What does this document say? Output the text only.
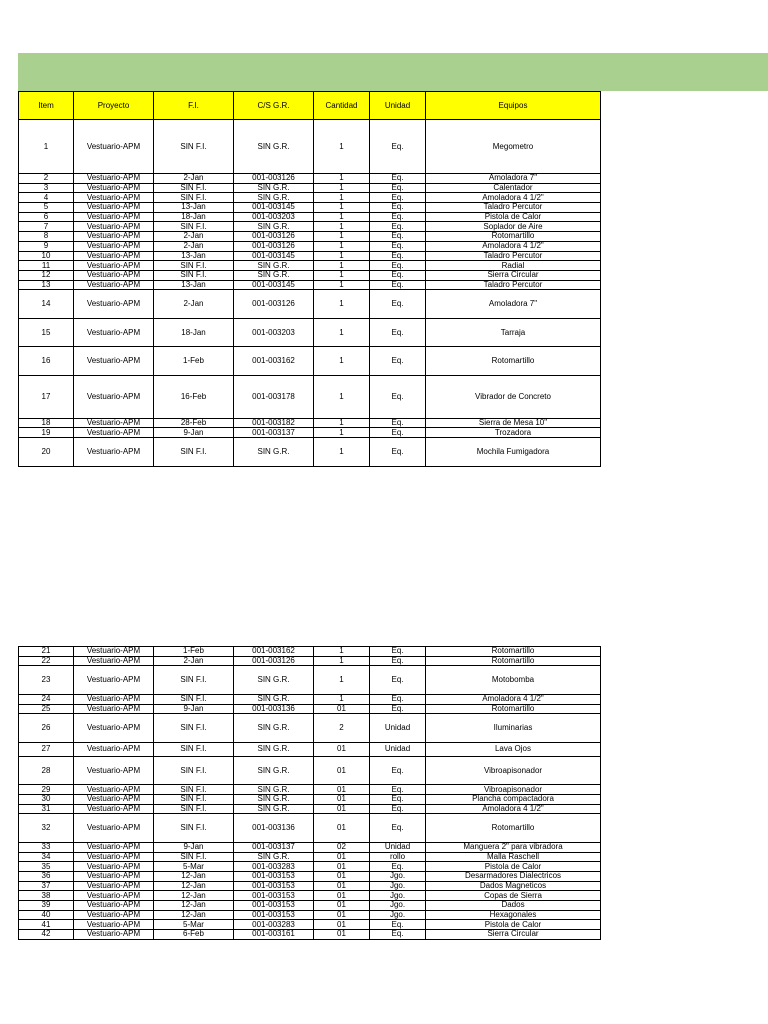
Item	Proyecto	F.I.	C/S G.R.	Cantidad	Unidad	Equipos
1	Vestuario-APM	SIN F.I.	SIN G.R.	1	Eq.	Megometro
2	Vestuario-APM	2-Jan	001-003126	1	Eq.	Amoladora 7"
3	Vestuario-APM	SIN F.I.	SIN G.R.	1	Eq.	Calentador
4	Vestuario-APM	SIN F.I.	SIN G.R.	1	Eq.	Amoladora 4 1/2"
5	Vestuario-APM	13-Jan	001-003145	1	Eq.	Taladro Percutor
6	Vestuario-APM	18-Jan	001-003203	1	Eq.	Pistola de Calor
7	Vestuario-APM	SIN F.I.	SIN G.R.	1	Eq.	Soplador de Aire
8	Vestuario-APM	2-Jan	001-003126	1	Eq.	Rotomartillo
9	Vestuario-APM	2-Jan	001-003126	1	Eq.	Amoladora 4 1/2"
10	Vestuario-APM	13-Jan	001-003145	1	Eq.	Taladro Percutor
11	Vestuario-APM	SIN F.I.	SIN G.R.	1	Eq.	Radial
12	Vestuario-APM	SIN F.I.	SIN G.R.	1	Eq.	Sierra Circular
13	Vestuario-APM	13-Jan	001-003145	1	Eq.	Taladro Percutor
14	Vestuario-APM	2-Jan	001-003126	1	Eq.	Amoladora 7"
15	Vestuario-APM	18-Jan	001-003203	1	Eq.	Tarraja
16	Vestuario-APM	1-Feb	001-003162	1	Eq.	Rotomartillo
17	Vestuario-APM	16-Feb	001-003178	1	Eq.	Vibrador de Concreto
18	Vestuario-APM	28-Feb	001-003182	1	Eq.	Sierra de Mesa 10"
19	Vestuario-APM	9-Jan	001-003137	1	Eq.	Trozadora
20	Vestuario-APM	SIN F.I.	SIN G.R.	1	Eq.	Mochila Fumigadora
21	Vestuario-APM	1-Feb	001-003162	1	Eq.	Rotomartillo
22	Vestuario-APM	2-Jan	001-003126	1	Eq.	Rotomartillo
23	Vestuario-APM	SIN F.I.	SIN G.R.	1	Eq.	Motobomba
24	Vestuario-APM	SIN F.I.	SIN G.R.	1	Eq.	Amoladora 4 1/2"
25	Vestuario-APM	9-Jan	001-003136	01	Eq.	Rotomartillo
26	Vestuario-APM	SIN F.I.	SIN G.R.	2	Unidad	Iluminarias
27	Vestuario-APM	SIN F.I.	SIN G.R.	01	Unidad	Lava Ojos
28	Vestuario-APM	SIN F.I.	SIN G.R.	01	Eq.	Vibroapisonador
29	Vestuario-APM	SIN F.I.	SIN G.R.	01	Eq.	Vibroapisonador
30	Vestuario-APM	SIN F.I.	SIN G.R.	01	Eq.	Plancha compactadora
31	Vestuario-APM	SIN F.I.	SIN G.R.	01	Eq.	Amoladora 4 1/2"
32	Vestuario-APM	SIN F.I.	001-003136	01	Eq.	Rotomartillo
33	Vestuario-APM	9-Jan	001-003137	02	Unidad	Manguera 2" para vibradora
34	Vestuario-APM	SIN F.I.	SIN G.R.	01	rollo	Malla Raschell
35	Vestuario-APM	5-Mar	001-003283	01	Eq.	Pistola de Calor
36	Vestuario-APM	12-Jan	001-003153	01	Jgo.	Desarmadores Dialectricos
37	Vestuario-APM	12-Jan	001-003153	01	Jgo.	Dados Magneticos
38	Vestuario-APM	12-Jan	001-003153	01	Jgo.	Copas de Sierra
39	Vestuario-APM	12-Jan	001-003153	01	Jgo.	Dados
40	Vestuario-APM	12-Jan	001-003153	01	Jgo.	Hexagonales
41	Vestuario-APM	5-Mar	001-003283	01	Eq.	Pistola de Calor
42	Vestuario-APM	6-Feb	001-003161	01	Eq.	Sierra Circular
